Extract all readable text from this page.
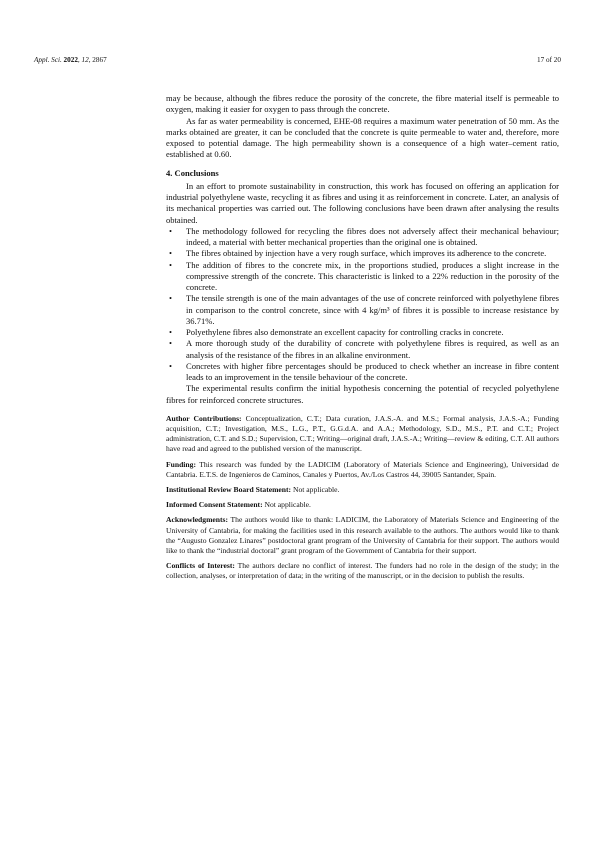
Appl. Sci. 2022, 12, 2867	17 of 20

may be because, although the fibres reduce the porosity of the concrete, the fibre material itself is permeable to oxygen, making it easier for oxygen to pass through the concrete.

As far as water permeability is concerned, EHE-08 requires a maximum water penetration of 50 mm. As the marks obtained are greater, it can be concluded that the concrete is quite permeable to water and, therefore, more exposed to potential damage. The high permeability shown is a consequence of a high water–cement ratio, established at 0.60.

4. Conclusions

In an effort to promote sustainability in construction, this work has focused on offering an application for industrial polyethylene waste, recycling it as fibres and using it as reinforcement in concrete. Later, an analysis of its mechanical properties was carried out. The following conclusions have been drawn after analysing the results obtained.

• The methodology followed for recycling the fibres does not adversely affect their mechanical behaviour; indeed, a material with better mechanical properties than the original one is obtained.
• The fibres obtained by injection have a very rough surface, which improves its adherence to the concrete.
• The addition of fibres to the concrete mix, in the proportions studied, produces a slight increase in the compressive strength of the concrete. This characteristic is linked to a 22% reduction in the porosity of the concrete.
• The tensile strength is one of the main advantages of the use of concrete reinforced with polyethylene fibres in comparison to the control concrete, since with 4 kg/m³ of fibres it is possible to increase resistance by 36.71%.
• Polyethylene fibres also demonstrate an excellent capacity for controlling cracks in concrete.
• A more thorough study of the durability of concrete with polyethylene fibres is required, as well as an analysis of the resistance of the fibres in an alkaline environment.
• Concretes with higher fibre percentages should be produced to check whether an increase in fibre content leads to an improvement in the tensile behaviour of the concrete.

The experimental results confirm the initial hypothesis concerning the potential of recycled polyethylene fibres for reinforced concrete structures.

Author Contributions: Conceptualization, C.T.; Data curation, J.A.S.-A. and M.S.; Formal analysis, J.A.S.-A.; Funding acquisition, C.T.; Investigation, M.S., L.G., P.T., G.G.d.A. and A.A.; Methodology, S.D., M.S., P.T. and C.T.; Project administration, C.T. and S.D.; Supervision, C.T.; Writing—original draft, J.A.S.-A.; Writing—review & editing, C.T. All authors have read and agreed to the published version of the manuscript.

Funding: This research was funded by the LADICIM (Laboratory of Materials Science and Engineering), Universidad de Cantabria. E.T.S. de Ingenieros de Caminos, Canales y Puertos, Av./Los Castros 44, 39005 Santander, Spain.

Institutional Review Board Statement: Not applicable.

Informed Consent Statement: Not applicable.

Acknowledgments: The authors would like to thank: LADICIM, the Laboratory of Materials Science and Engineering of the University of Cantabria, for making the facilities used in this research available to the authors. The authors would like to thank the “Augusto Gonzalez Linares” postdoctoral grant program of the University of Cantabria for their support. The authors would like to thank the “industrial doctoral” grant program of the Government of Cantabria for their support.

Conflicts of Interest: The authors declare no conflict of interest. The funders had no role in the design of the study; in the collection, analyses, or interpretation of data; in the writing of the manuscript, or in the decision to publish the results.
